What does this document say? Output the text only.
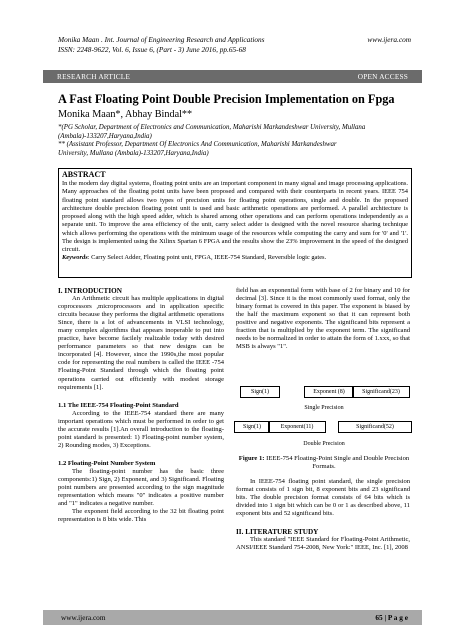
Monika Maan . Int. Journal of Engineering Research and Applications	www.ijera.com
ISSN: 2248-9622, Vol. 6, Issue 6, (Part - 3) June 2016, pp.65-68
RESEARCH ARTICLE	OPEN ACCESS
A Fast Floating Point Double Precision Implementation on Fpga
Monika Maan*, Abhay Bindal**
*(PG Scholar, Department of Electronics and Communication, Maharishi Markandeshwar University, Mullana
(Ambala)-133207,Haryana,India)
** (Assistant Professor, Department Of Electronics And Communication, Maharishi Markandeshwar
University, Mullana (Ambala)-133207,Haryana,India)
ABSTRACT
In the modern day digital systems, floating point units are an important component in many signal and image processing applications. Many approaches of the floating point units have been proposed and compared with their counterparts in recent years. IEEE 754 floating point standard allows two types of precision units for floating point operations, single and double. In the proposed architecture double precision floating point unit is used and basic arithmetic operations are performed. A parallel architecture is proposed along with the high speed adder, which is shared among other operations and can perform operations independently as a separate unit. To improve the area efficiency of the unit, carry select adder is designed with the novel resource sharing technique which allows performing the operations with the minimum usage of the resources while computing the carry and sum for '0' and '1'. The design is implemented using the Xilinx Spartan 6 FPGA and the results show the 23% improvement in the speed of the designed circuit.
Keywords: Carry Select Adder, Floating point unit, FPGA, IEEE-754 Standard, Reversible logic gates.

I. INTRODUCTION

An Arithmetic circuit has multiple applications in digital coprocessors ,microprocessors and in application specific circuits because they performs the digital arithmetic operations Since, there is a lot of advancements in VLSI technology, many complex algorithms that appears inoperable to put into practice, have become facilely realizable today with desired performance parameters so that new designs can be incorporated [4]. However, since the 1990s,the most popular code for representing the real numbers is called the IEEE -754 Floating-Point Standard through which the floating point operations carried out efficiently with modest storage requirements [1].

1.1 The IEEE-754 Floating-Point Standard

According to the IEEE-754 standard there are many important operations which must be performed in order to get the accurate results [1].An overall introduction to the floating-point standard is presented: 1) Floating-point number system, 2) Rounding modes, 3) Exceptions.

1.2 Floating-Point Number System

The floating-point number has the basic three components:1) Sign, 2) Exponent, and 3) Significand. Floating point numbers are presented according to the sign magnitude representation which means "0" indicates a positive number and "1" indicates a negative number.

The exponent field according to the 32 bit floating point representation is 8 bits wide. This

field has an exponential form with base of 2 for binary and 10 for decimal [3]. Since it is the most commonly used format, only the binary format is covered in this paper. The exponent is biased by the half the maximum exponent so that it can represent both positive and negative exponents. The significand bits represent a fraction that is multiplied by the exponent term. The significand needs to be normalized in order to attain the form of 1.xxx, so that MSB is always "1".

Sign(1)	Exponent (8)	Significand(23)
Single Precision
Sign(1)	Exponent(11)	Significand(52)
Double Precision
Figure 1: IEEE-754 Floating-Point Single and Double Precision Formats.

In IEEE-754 floating point standard, the single precision format consists of 1 sign bit, 8 exponent bits and 23 significand bits. The double precision format consists of 64 bits which is divided into 1 sign bit which can be 0 or 1 as described above, 11 exponent bits and 52 significand bits.

II. LITERATURE STUDY

This standard "IEEE Standard for Floating-Point Arithmetic, ANSI/IEEE Standard 754-2008, New York:" IEEE, Inc. [1], 2008

www.ijera.com	65 | P a g e
